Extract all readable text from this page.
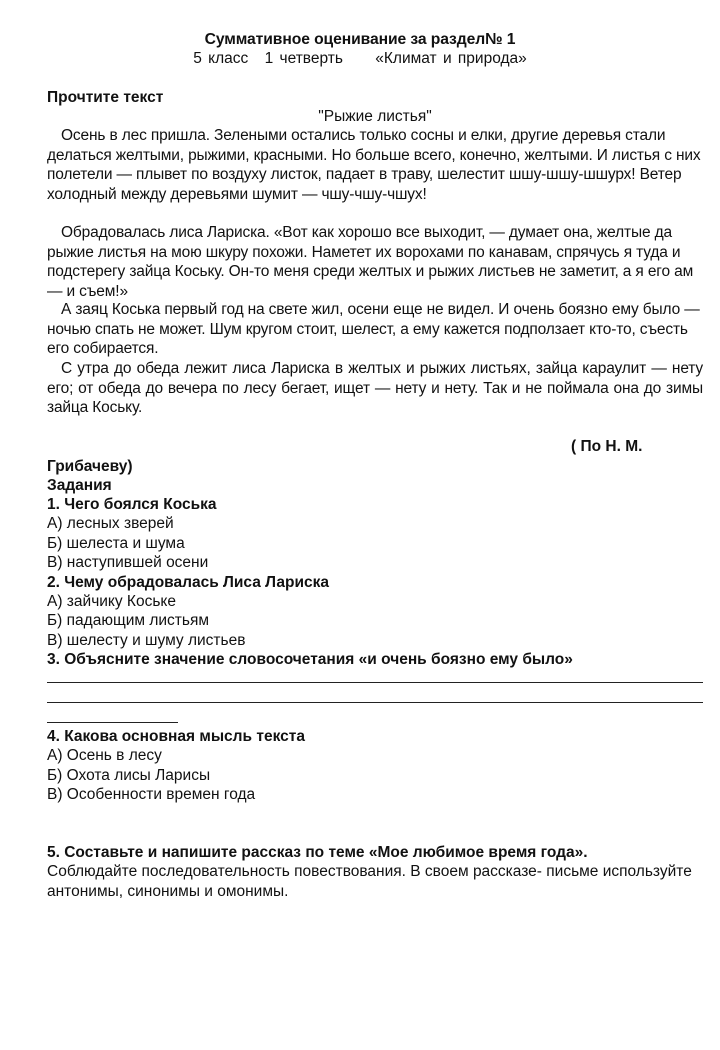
Суммативное оценивание за раздел№ 1
5 класс 1 четверть «Климат и природа»
Прочтите текст
"Рыжие листья"
Осень в лес пришла. Зелеными остались только сосны и елки, другие деревья стали делаться желтыми, рыжими, красными. Но больше всего, конечно, желтыми. И листья с них полетели — плывет по воздуху листок, падает в траву, шелестит шшу-шшу-шшурх! Ветер холодный между деревьями шумит — чшу-чшу-чшух!
Обрадовалась лиса Лариска. «Вот как хорошо все выходит, — думает она, желтые да рыжие листья на мою шкуру похожи. Наметет их ворохами по канавам, спрячусь я туда и подстерегу зайца Коську. Он-то меня среди желтых и рыжих листьев не заметит, а я его ам — и съем!»
А заяц Коська первый год на свете жил, осени еще не видел. И очень боязно ему было — ночью спать не может. Шум кругом стоит, шелест, а ему кажется подползает кто-то, съесть его собирается.
С утра до обеда лежит лиса Лариска в желтых и рыжих листьях, зайца караулит — нету его; от обеда до вечера по лесу бегает, ищет — нету и нету. Так и не поймала она до зимы зайца Коську.
( По Н. М.
Грибачеву)
Задания
1. Чего боялся Коська
А) лесных зверей
Б) шелеста и шума
В) наступившей осени
2. Чему обрадовалась Лиса Лариска
А) зайчику Коське
Б) падающим листьям
В) шелесту и шуму листьев
3. Объясните значение словосочетания «и очень боязно ему было»
4. Какова основная мысль текста
А) Осень в лесу
Б) Охота лисы Ларисы
В) Особенности времен года
5. Составьте и напишите рассказ по теме «Мое любимое время года».
Соблюдайте последовательность повествования. В своем рассказе- письме используйте антонимы, синонимы и омонимы.
